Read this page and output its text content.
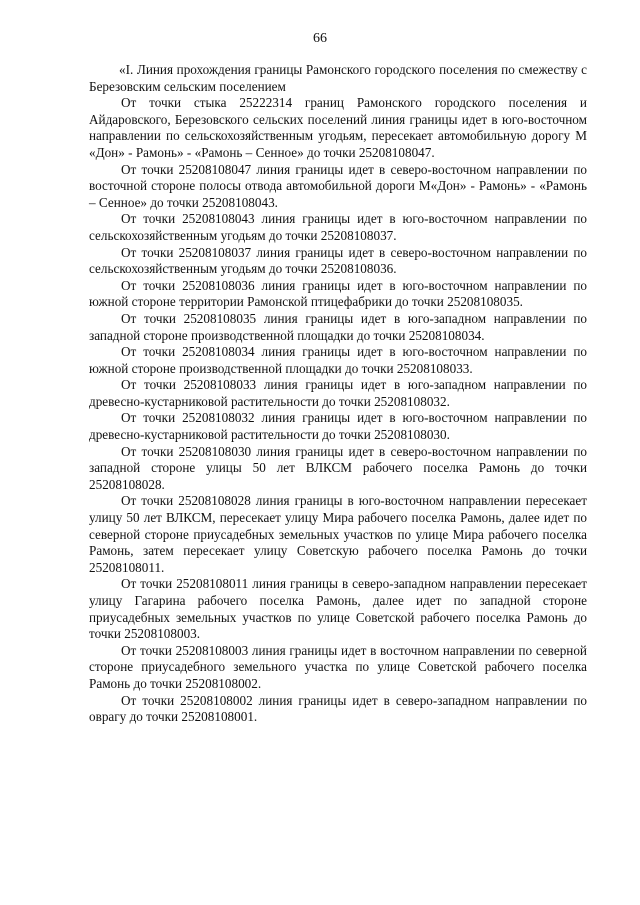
66

«I. Линия прохождения границы Рамонского городского поселения по смежеству с Березовским сельским поселением

От точки стыка 25222314 границ Рамонского городского поселения и Айдаровского, Березовского сельских поселений линия границы идет в юго-восточном направлении по сельскохозяйственным угодьям, пересекает автомобильную дорогу М «Дон» - Рамонь» - «Рамонь – Сенное» до точки 25208108047.

От точки 25208108047 линия границы идет в северо-восточном направлении по восточной стороне полосы отвода автомобильной дороги М«Дон» - Рамонь» - «Рамонь – Сенное» до точки 25208108043.

От точки 25208108043 линия границы идет в юго-восточном направлении по сельскохозяйственным угодьям до точки 25208108037.

От точки 25208108037 линия границы идет в северо-восточном направлении по сельскохозяйственным угодьям до точки 25208108036.

От точки 25208108036 линия границы идет в юго-восточном направлении по южной стороне территории Рамонской птицефабрики до точки 25208108035.

От точки 25208108035 линия границы идет в юго-западном направлении по западной стороне производственной площадки до точки 25208108034.

От точки 25208108034 линия границы идет в юго-восточном направлении по южной стороне производственной площадки до точки 25208108033.

От точки 25208108033 линия границы идет в юго-западном направлении по древесно-кустарниковой растительности до точки 25208108032.

От точки 25208108032 линия границы идет в юго-восточном направлении по древесно-кустарниковой растительности до точки 25208108030.

От точки 25208108030 линия границы идет в северо-восточном направлении по западной стороне улицы 50 лет ВЛКСМ рабочего поселка Рамонь до точки 25208108028.

От точки 25208108028 линия границы в юго-восточном направлении пересекает улицу 50 лет ВЛКСМ, пересекает улицу Мира рабочего поселка Рамонь, далее идет по северной стороне приусадебных земельных участков по улице Мира рабочего поселка Рамонь, затем пересекает улицу Советскую рабочего поселка Рамонь до точки 25208108011.

От точки 25208108011 линия границы в северо-западном направлении пересекает улицу Гагарина рабочего поселка Рамонь, далее идет по западной стороне приусадебных земельных участков по улице Советской рабочего поселка Рамонь до точки 25208108003.

От точки 25208108003 линия границы идет в восточном направлении по северной стороне приусадебного земельного участка по улице Советской рабочего поселка Рамонь до точки 25208108002.

От точки 25208108002 линия границы идет в северо-западном направлении по оврагу до точки 25208108001.
